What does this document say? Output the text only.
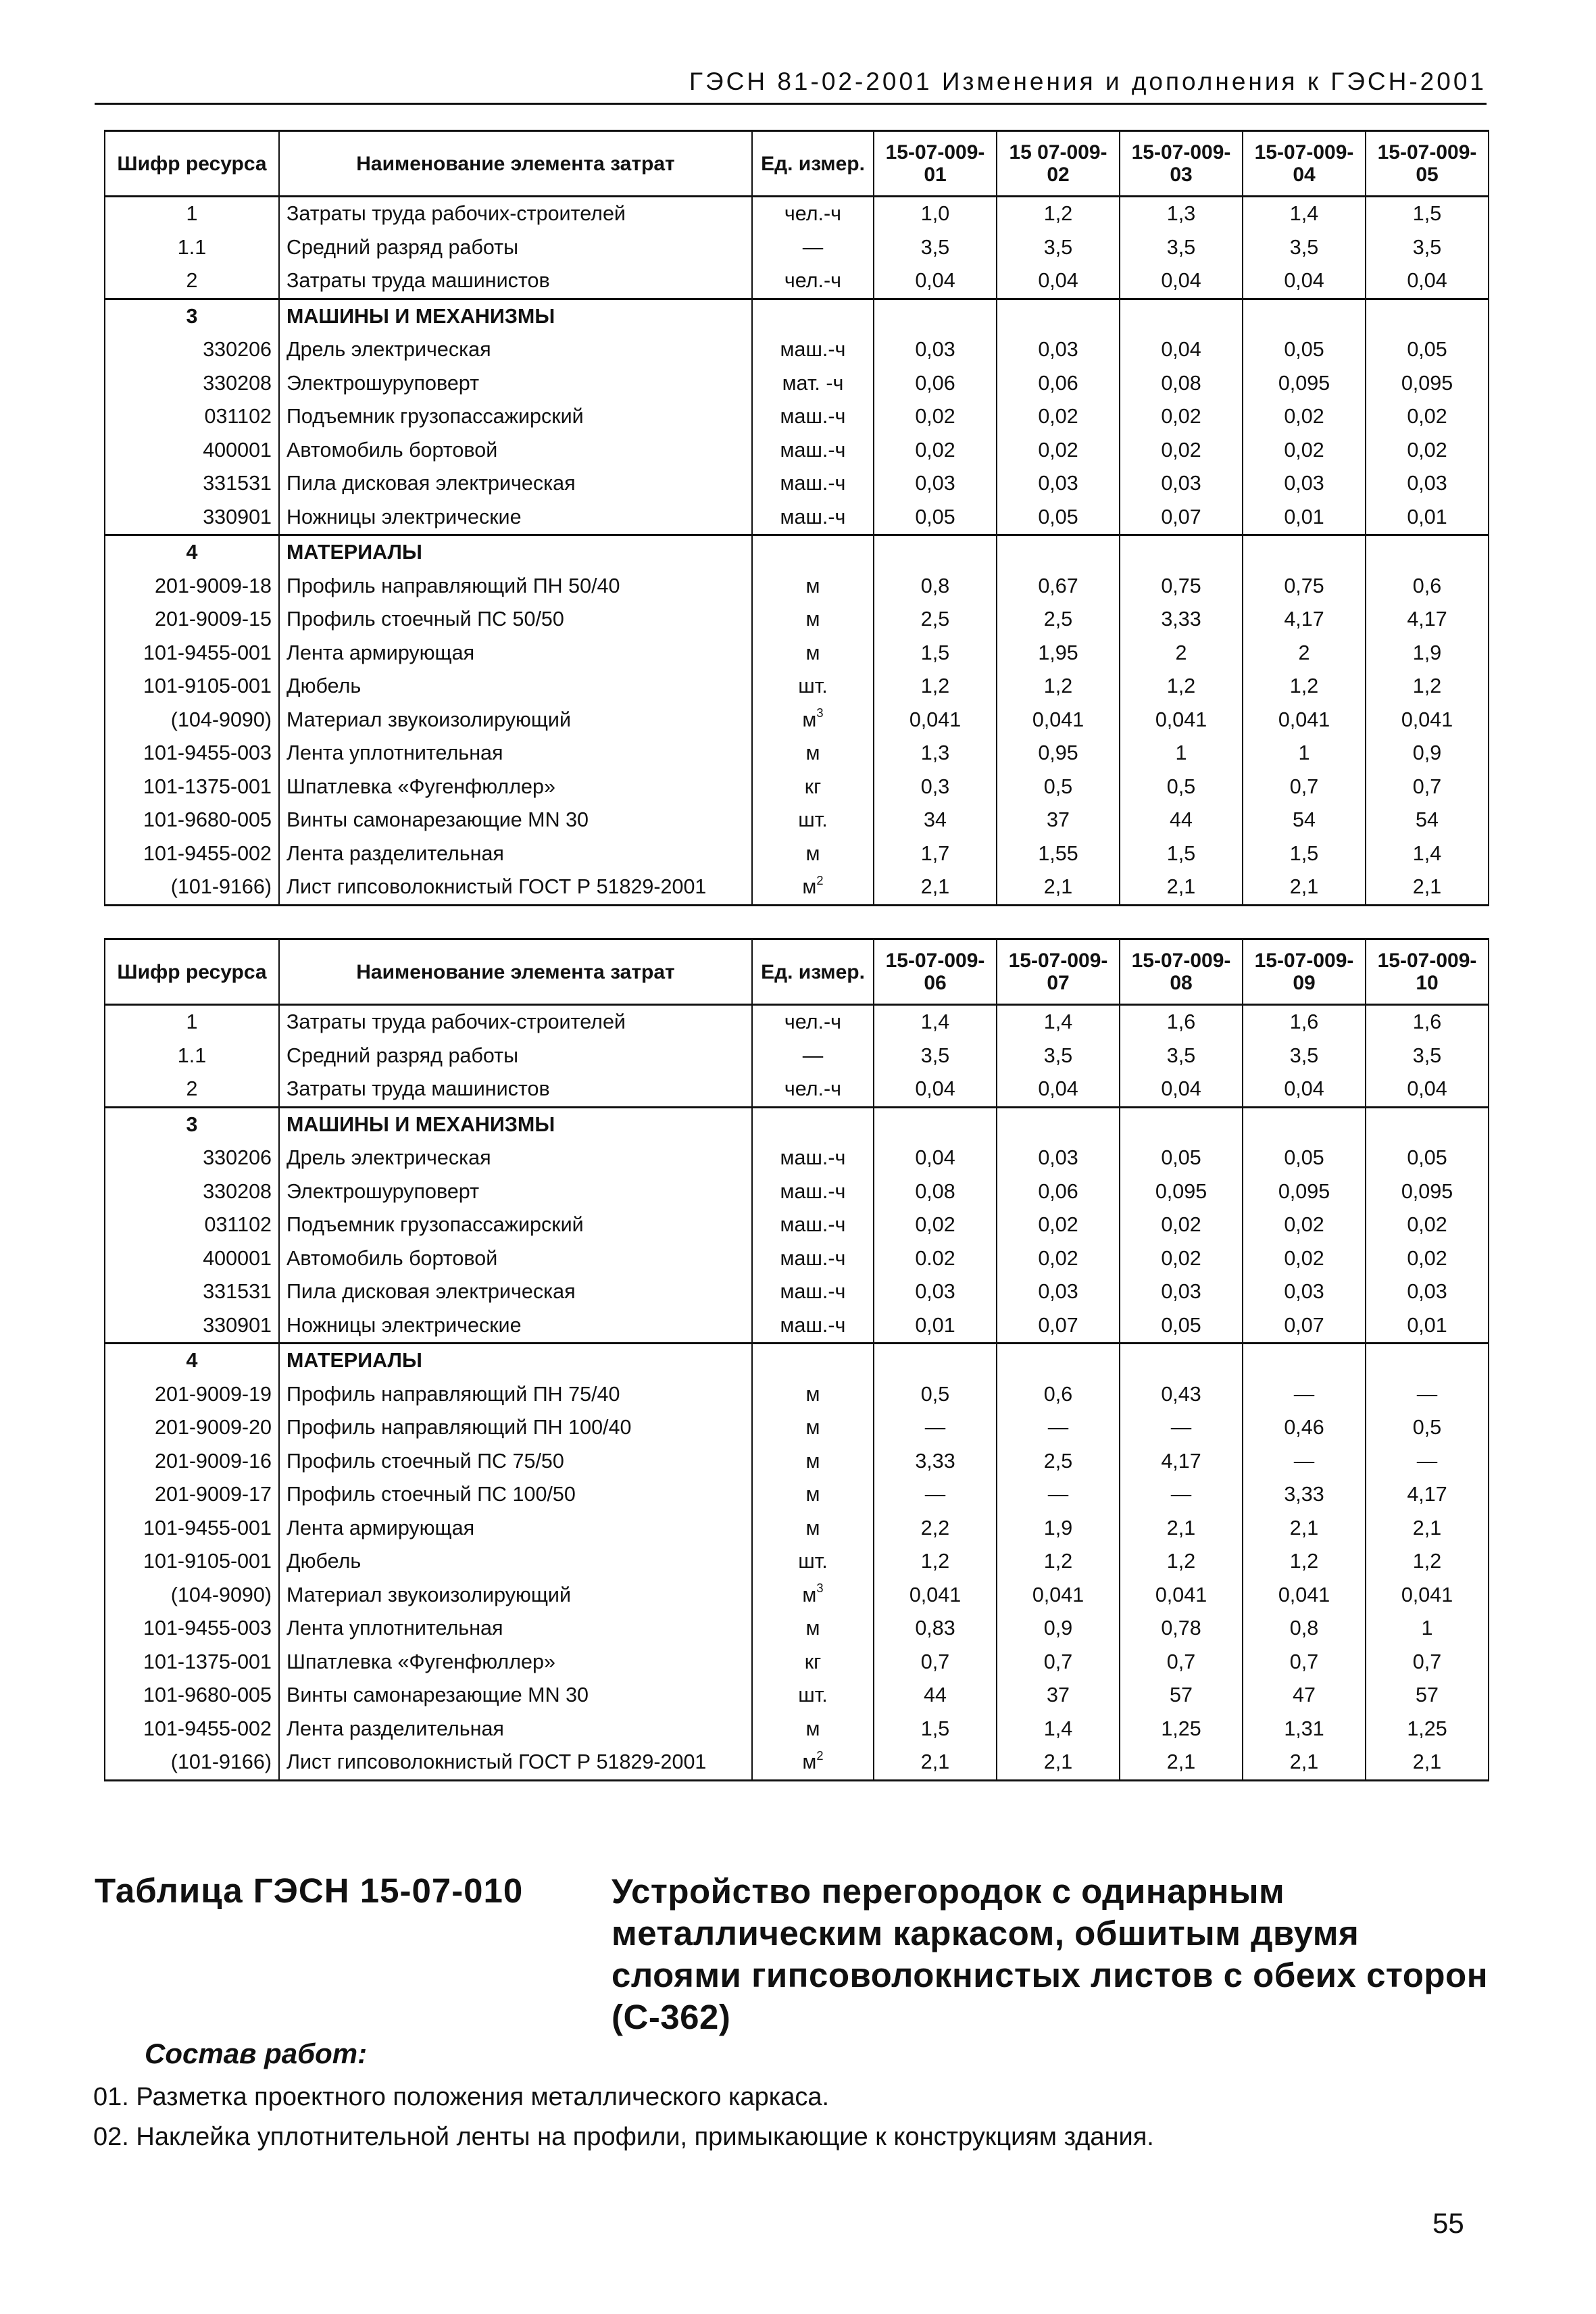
ГЭСН 81-02-2001 Изменения и дополнения к ГЭСН-2001
Шифр ресурса	Наименование элемента затрат	Ед. измер.	15-07-009-01	15 07-009-02	15-07-009-03	15-07-009-04	15-07-009-05
1	Затраты труда рабочих-строителей	чел.-ч	1,0	1,2	1,3	1,4	1,5
1.1	Средний разряд работы	—	3,5	3,5	3,5	3,5	3,5
2	Затраты труда машинистов	чел.-ч	0,04	0,04	0,04	0,04	0,04
3	МАШИНЫ И МЕХАНИЗМЫ						
330206	Дрель электрическая	маш.-ч	0,03	0,03	0,04	0,05	0,05
330208	Электрошуруповерт	мат. -ч	0,06	0,06	0,08	0,095	0,095
031102	Подъемник грузопассажирский	маш.-ч	0,02	0,02	0,02	0,02	0,02
400001	Автомобиль бортовой	маш.-ч	0,02	0,02	0,02	0,02	0,02
331531	Пила дисковая электрическая	маш.-ч	0,03	0,03	0,03	0,03	0,03
330901	Ножницы электрические	маш.-ч	0,05	0,05	0,07	0,01	0,01
4	МАТЕРИАЛЫ						
201-9009-18	Профиль направляющий ПН 50/40	м	0,8	0,67	0,75	0,75	0,6
201-9009-15	Профиль стоечный ПС 50/50	м	2,5	2,5	3,33	4,17	4,17
101-9455-001	Лента армирующая	м	1,5	1,95	2	2	1,9
101-9105-001	Дюбель	шт.	1,2	1,2	1,2	1,2	1,2
(104-9090)	Материал звукоизолирующий	$м^3$	0,041	0,041	0,041	0,041	0,041
101-9455-003	Лента уплотнительная	м	1,3	0,95	1	1	0,9
101-1375-001	Шпатлевка «Фугенфюллер»	кг	0,3	0,5	0,5	0,7	0,7
101-9680-005	Винты самонарезающие MN 30	шт.	34	37	44	54	54
101-9455-002	Лента разделительная	м	1,7	1,55	1,5	1,5	1,4
(101-9166)	Лист гипсоволокнистый ГОСТ Р 51829-2001	$м^2$	2,1	2,1	2,1	2,1	2,1
Шифр ресурса	Наименование элемента затрат	Ед. измер.	15-07-009-06	15-07-009-07	15-07-009-08	15-07-009-09	15-07-009-10
1	Затраты труда рабочих-строителей	чел.-ч	1,4	1,4	1,6	1,6	1,6
1.1	Средний разряд работы	—	3,5	3,5	3,5	3,5	3,5
2	Затраты труда машинистов	чел.-ч	0,04	0,04	0,04	0,04	0,04
3	МАШИНЫ И МЕХАНИЗМЫ						
330206	Дрель электрическая	маш.-ч	0,04	0,03	0,05	0,05	0,05
330208	Электрошуруповерт	маш.-ч	0,08	0,06	0,095	0,095	0,095
031102	Подъемник грузопассажирский	маш.-ч	0,02	0,02	0,02	0,02	0,02
400001	Автомобиль бортовой	маш.-ч	0.02	0,02	0,02	0,02	0,02
331531	Пила дисковая электрическая	маш.-ч	0,03	0,03	0,03	0,03	0,03
330901	Ножницы электрические	маш.-ч	0,01	0,07	0,05	0,07	0,01
4	МАТЕРИАЛЫ						
201-9009-19	Профиль направляющий ПН 75/40	м	0,5	0,6	0,43	—	—
201-9009-20	Профиль направляющий ПН 100/40	м	—	—	—	0,46	0,5
201-9009-16	Профиль стоечный ПС 75/50	м	3,33	2,5	4,17	—	—
201-9009-17	Профиль стоечный ПС 100/50	м	—	—	—	3,33	4,17
101-9455-001	Лента армирующая	м	2,2	1,9	2,1	2,1	2,1
101-9105-001	Дюбель	шт.	1,2	1,2	1,2	1,2	1,2
(104-9090)	Материал звукоизолирующий	$м^3$	0,041	0,041	0,041	0,041	0,041
101-9455-003	Лента уплотнительная	м	0,83	0,9	0,78	0,8	1
101-1375-001	Шпатлевка «Фугенфюллер»	кг	0,7	0,7	0,7	0,7	0,7
101-9680-005	Винты самонарезающие MN 30	шт.	44	37	57	47	57
101-9455-002	Лента разделительная	м	1,5	1,4	1,25	1,31	1,25
(101-9166)	Лист гипсоволокнистый ГОСТ Р 51829-2001	$м^2$	2,1	2,1	2,1	2,1	2,1
Таблица ГЭСН 15-07-010	Устройство перегородок с одинарным металлическим каркасом, обшитым двумя слоями гипсоволокнистых листов с обеих сторон (С-362)
Состав работ:
01. Разметка проектного положения металлического каркаса.
02. Наклейка уплотнительной ленты на профили, примыкающие к конструкциям здания.
55
